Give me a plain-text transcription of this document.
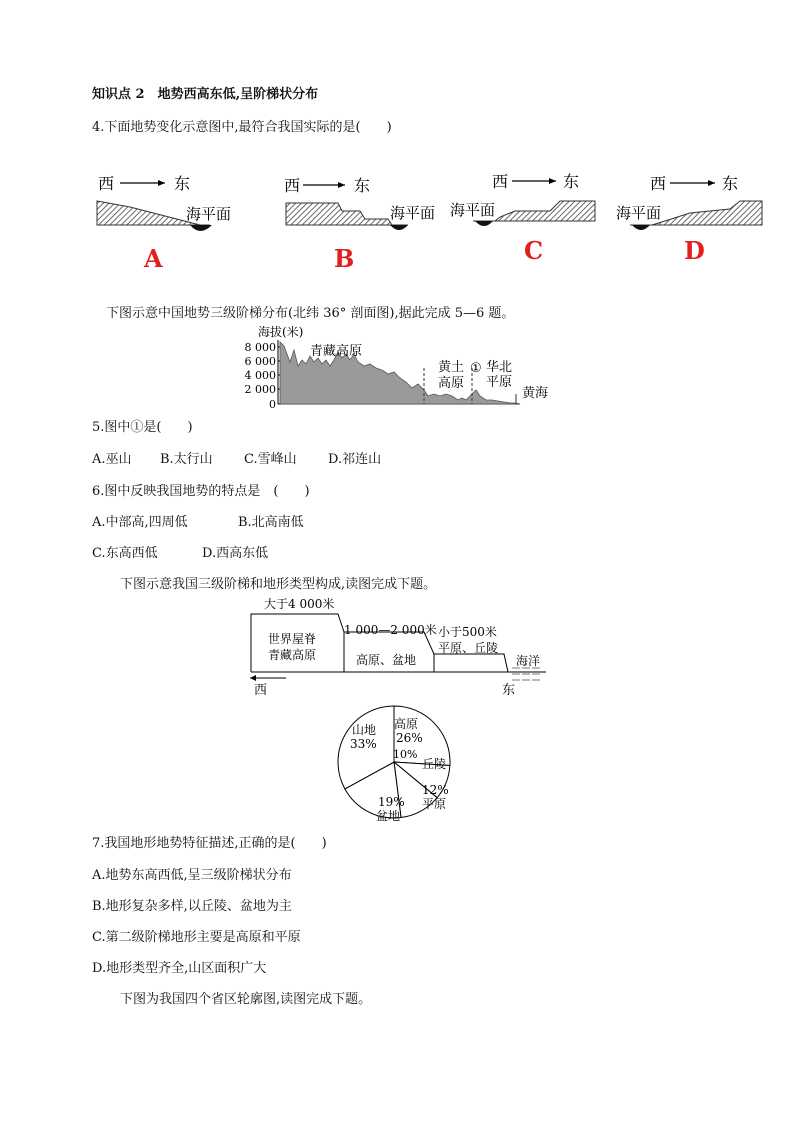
知识点 2　地势西高东低,呈阶梯状分布
4.下面地势变化示意图中,最符合我国实际的是(　　)
西	东
海平面
西	东
海平面
西	东
海平面
西	东
海平面
A	B	C	D
下图示意中国地势三级阶梯分布(北纬 36° 剖面图),据此完成 5—6 题。
海拔(米)
8 000
6 000
4 000
2 000
0
青藏高原
黄土
高原
① 华北
平原
黄海
5.图中①是(　　)
A.巫山 B.太行山 C.雪峰山 D.祁连山
6.图中反映我国地势的特点是　(　　)
A.中部高,四周低	B.北高南低
C.东高西低	D.西高东低
下图示意我国三级阶梯和地形类型构成,读图完成下题。
大于4 000米
世界屋脊
青藏高原
1 000—2 000米
高原、盆地
小于500米
平原、丘陵
海洋
西	东
高原
26%
10%
丘陵
12%
平原
19%
盆地
山地
33%
7.我国地形地势特征描述,正确的是(　　)
A.地势东高西低,呈三级阶梯状分布
B.地形复杂多样,以丘陵、盆地为主
C.第二级阶梯地形主要是高原和平原
D.地形类型齐全,山区面积广大
下图为我国四个省区轮廓图,读图完成下题。
